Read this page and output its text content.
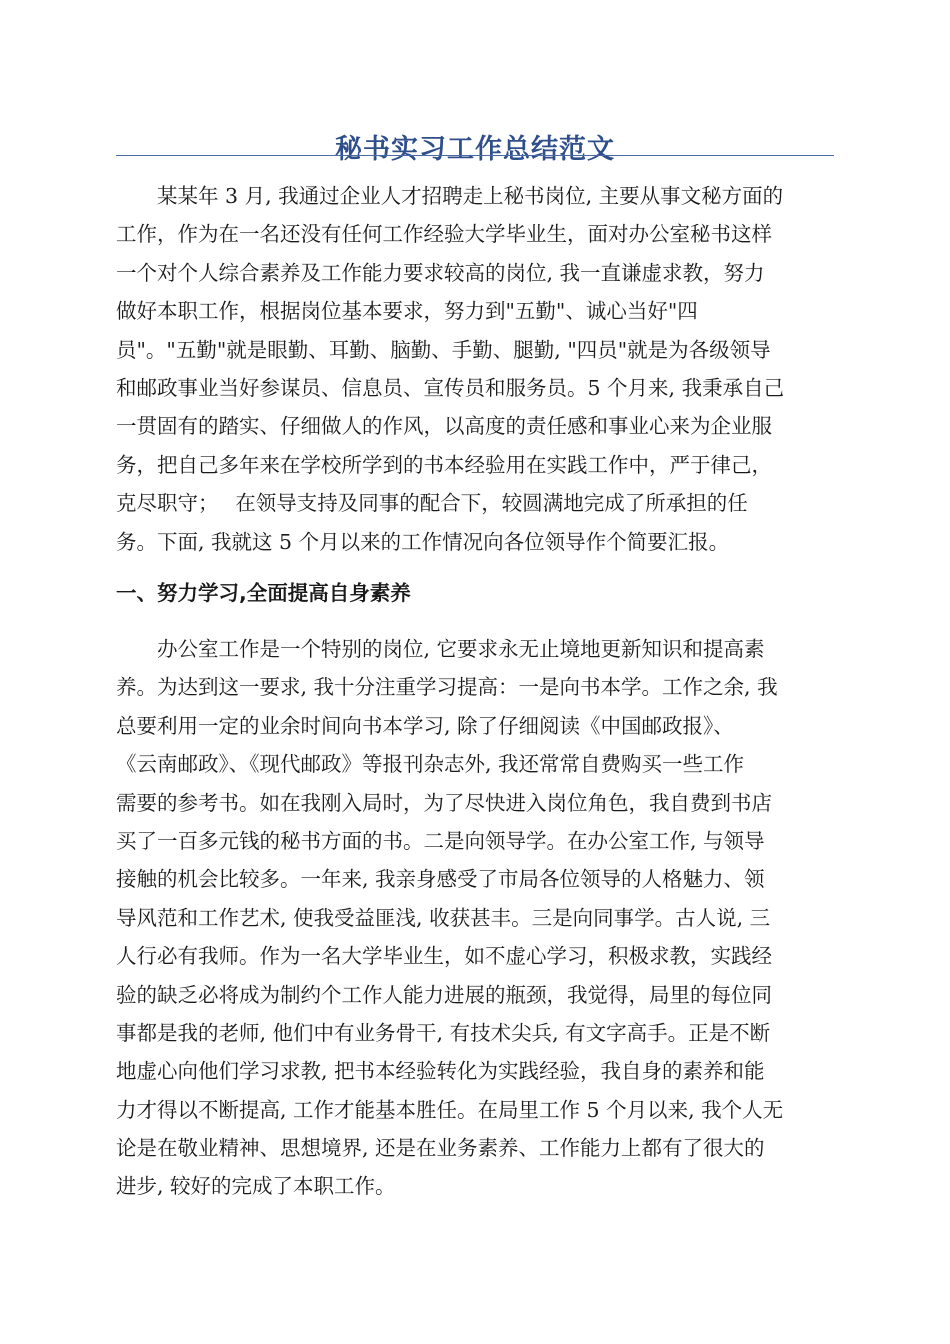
秘书实习工作总结范文

某某年 3 月, 我通过企业人才招聘走上秘书岗位, 主要从事文秘方面的
工作，作为在一名还没有任何工作经验大学毕业生，面对办公室秘书这样
一个对个人综合素养及工作能力要求较高的岗位, 我一直谦虚求教，努力
做好本职工作，根据岗位基本要求，努力到"五勤"、诚心当好"四
员"。"五勤"就是眼勤、耳勤、脑勤、手勤、腿勤, "四员"就是为各级领导
和邮政事业当好参谋员、信息员、宣传员和服务员。5 个月来, 我秉承自己
一贯固有的踏实、仔细做人的作风，以高度的责任感和事业心来为企业服
务，把自己多年来在学校所学到的书本经验用在实践工作中，严于律己，
克尽职守；　 在领导支持及同事的配合下，较圆满地完成了所承担的任
务。下面, 我就这 5 个月以来的工作情况向各位领导作个简要汇报。

一、努力学习,全面提高自身素养

办公室工作是一个特别的岗位, 它要求永无止境地更新知识和提高素
养。为达到这一要求, 我十分注重学习提高：一是向书本学。工作之余, 我
总要利用一定的业余时间向书本学习, 除了仔细阅读《中国邮政报》、
《云南邮政》、《现代邮政》等报刊杂志外, 我还常常自费购买一些工作
需要的参考书。如在我刚入局时，为了尽快进入岗位角色，我自费到书店
买了一百多元钱的秘书方面的书。二是向领导学。在办公室工作, 与领导
接触的机会比较多。一年来, 我亲身感受了市局各位领导的人格魅力、领
导风范和工作艺术, 使我受益匪浅, 收获甚丰。三是向同事学。古人说, 三
人行必有我师。作为一名大学毕业生，如不虚心学习，积极求教，实践经
验的缺乏必将成为制约个工作人能力进展的瓶颈，我觉得，局里的每位同
事都是我的老师, 他们中有业务骨干, 有技术尖兵, 有文字高手。正是不断
地虚心向他们学习求教, 把书本经验转化为实践经验，我自身的素养和能
力才得以不断提高, 工作才能基本胜任。在局里工作 5 个月以来, 我个人无
论是在敬业精神、思想境界, 还是在业务素养、工作能力上都有了很大的
进步, 较好的完成了本职工作。
